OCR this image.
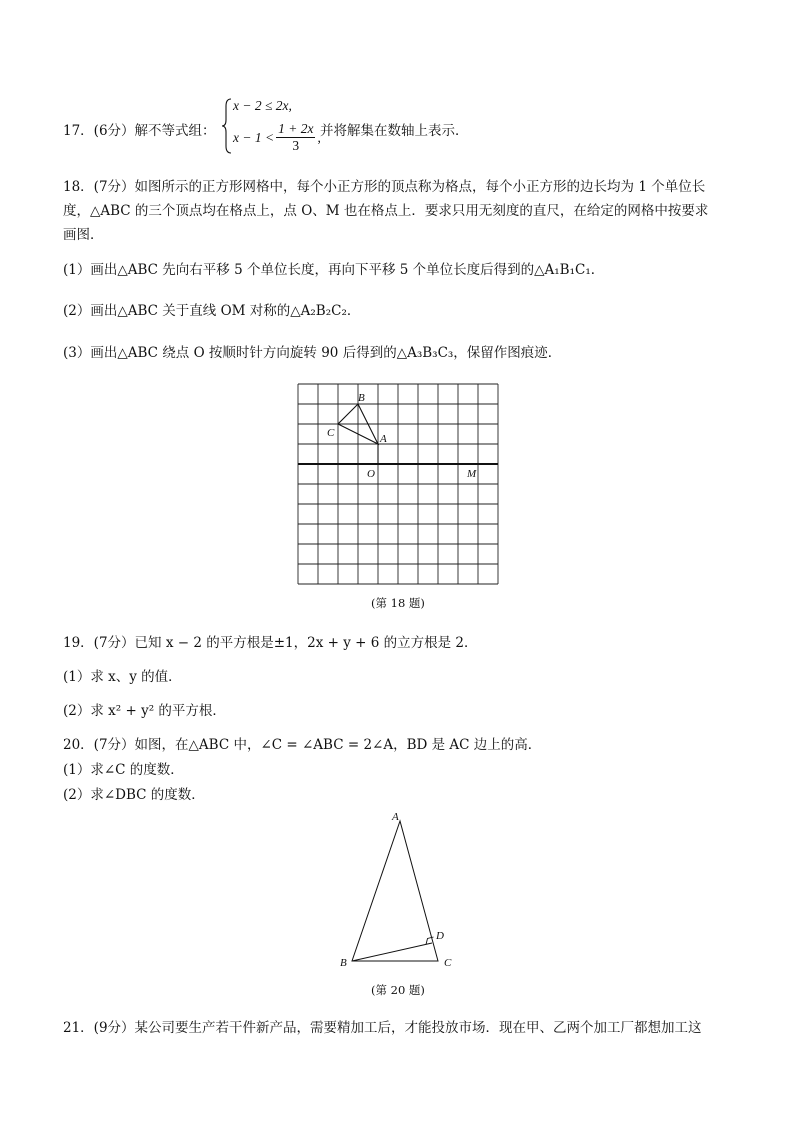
17．(6分）解不等式组：
x − 2 ≤ 2x,
$x - 1 < \frac{1 + 2x}{3}$ , 并将解集在数轴上表示．
18．(7分）如图所示的正方形网格中，每个小正方形的顶点称为格点，每个小正方形的边长均为 1 个单位长
度，△ABC 的三个顶点均在格点上，点 O、M 也在格点上．要求只用无刻度的直尺，在给定的网格中按要求
画图．
(1）画出△ABC 先向右平移 5 个单位长度，再向下平移 5 个单位长度后得到的△A₁B₁C₁．
(2）画出△ABC 关于直线 OM 对称的△A₂B₂C₂．
(3）画出△ABC 绕点 O 按顺时针方向旋转 90 后得到的△A₃B₃C₃，保留作图痕迹．
B
C	A
O	M
(第 18 题)
19．(7分）已知 x − 2 的平方根是±1，2x + y + 6 的立方根是 2．
(1）求 x、y 的值．
(2）求 x² + y² 的平方根．
20．(7分）如图，在△ABC 中，∠C = ∠ABC = 2∠A，BD 是 AC 边上的高．
(1）求∠C 的度数．
(2）求∠DBC 的度数．
A
B	C
D
(第 20 题)
21．(9分）某公司要生产若干件新产品，需要精加工后，才能投放市场．现在甲、乙两个加工厂都想加工这
